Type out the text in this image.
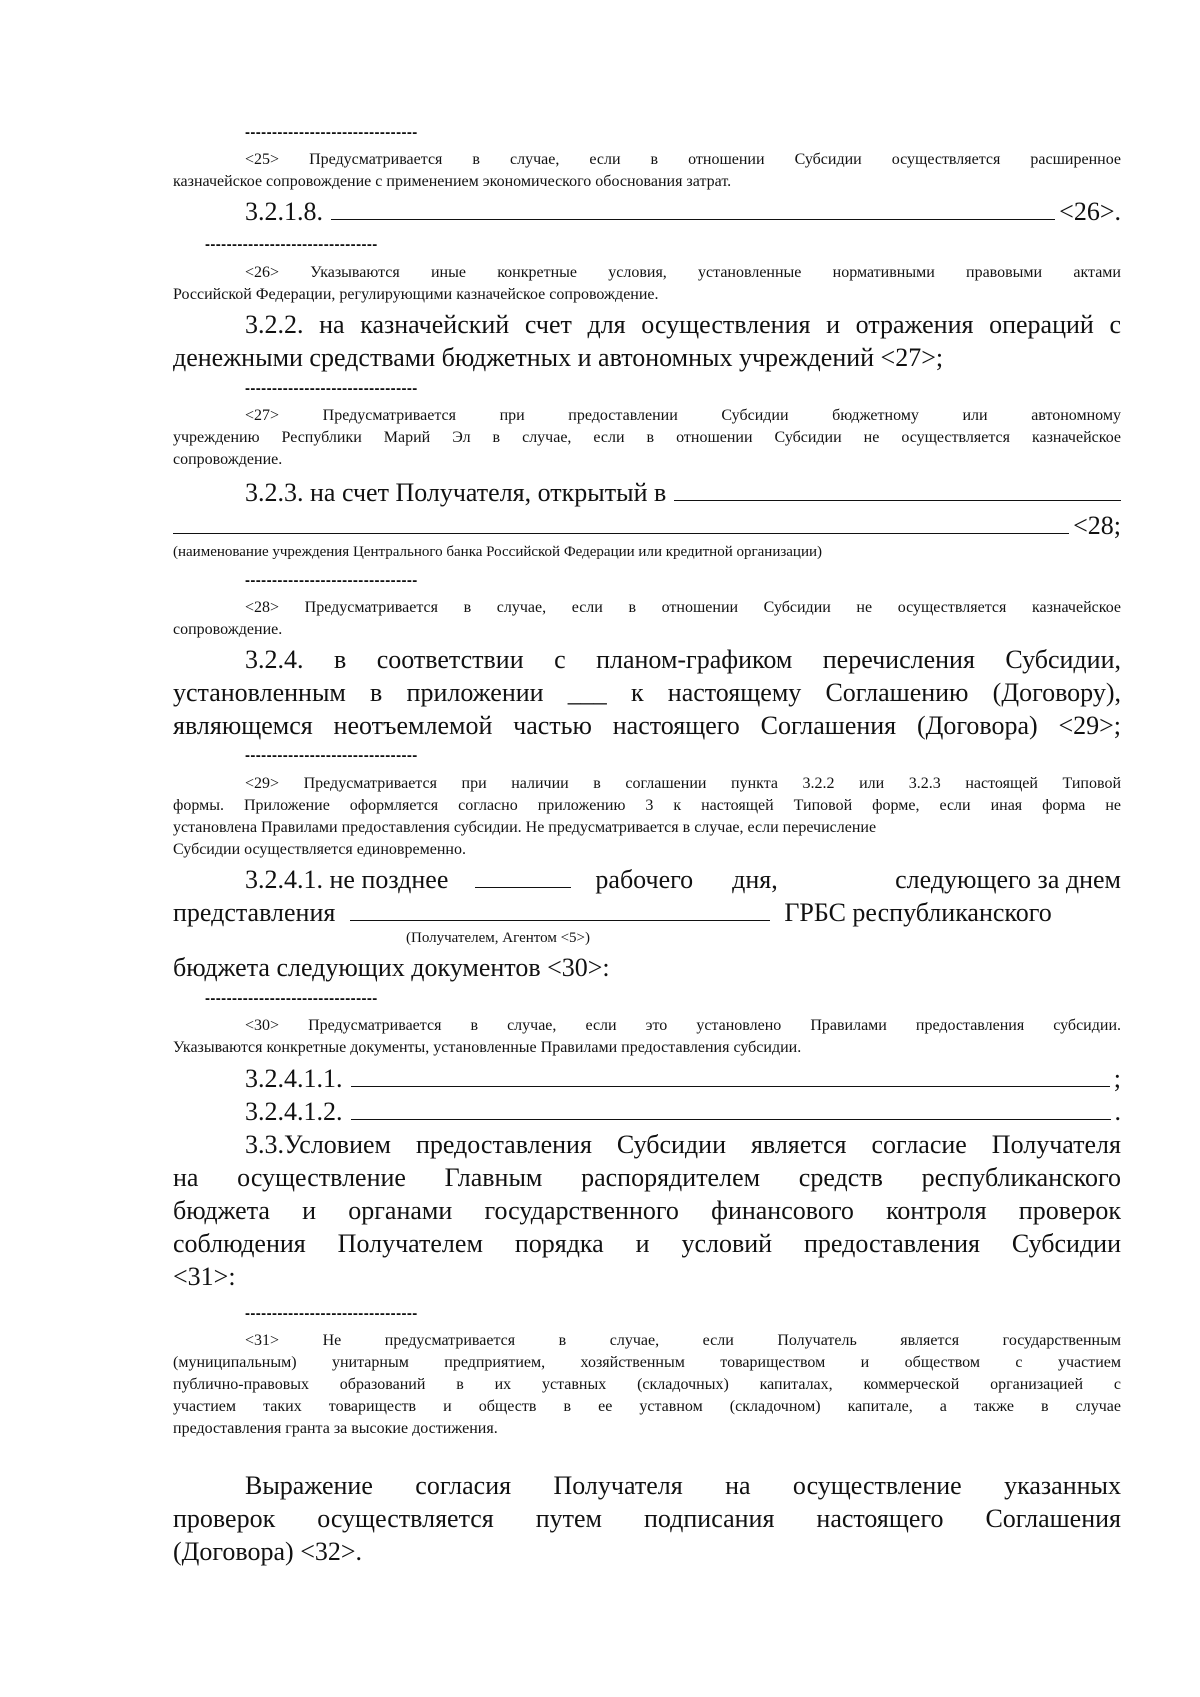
--------------------------------
<25> Предусматривается в случае, если в отношении Субсидии осуществляется расширенное
казначейское сопровождение с применением экономического обоснования затрат.
3.2.1.8.	<26>.
--------------------------------
<26> Указываются иные конкретные условия, установленные нормативными правовыми актами
Российской Федерации, регулирующими казначейское сопровождение.
3.2.2. на казначейский счет для осуществления и отражения операций с
денежными средствами бюджетных и автономных учреждений <27>;
--------------------------------
<27> Предусматривается при предоставлении Субсидии бюджетному или автономному
учреждению Республики Марий Эл в случае, если в отношении Субсидии не осуществляется казначейское
сопровождение.
3.2.3. на счет Получателя, открытый в
<28;
(наименование учреждения Центрального банка Российской Федерации или кредитной организации)
--------------------------------
<28> Предусматривается в случае, если в отношении Субсидии не осуществляется казначейское
сопровождение.
3.2.4. в соответствии с планом-графиком перечисления Субсидии,
установленным в приложении ___ к настоящему Соглашению (Договору),
являющемся неотъемлемой частью настоящего Соглашения (Договора) <29>;
--------------------------------
<29> Предусматривается при наличии в соглашении пункта 3.2.2 или 3.2.3 настоящей Типовой
формы. Приложение оформляется согласно приложению 3 к настоящей Типовой форме, если иная форма не
установлена Правилами предоставления субсидии. Не предусматривается в случае, если перечисление
Субсидии осуществляется единовременно.
3.2.4.1. не позднее	рабочего дня,	следующего за днем
представления	ГРБС республиканского
(Получателем, Агентом <5>)
бюджета следующих документов <30>:
--------------------------------
<30> Предусматривается в случае, если это установлено Правилами предоставления субсидии.
Указываются конкретные документы, установленные Правилами предоставления субсидии.
3.2.4.1.1.	;
3.2.4.1.2.	.
3.3.Условием предоставления Субсидии является согласие Получателя
на осуществление Главным распорядителем средств республиканского
бюджета и органами государственного финансового контроля проверок
соблюдения Получателем порядка и условий предоставления Субсидии
<31>:
--------------------------------
<31> Не предусматривается в случае, если Получатель является государственным
(муниципальным) унитарным предприятием, хозяйственным товариществом и обществом с участием
публично-правовых образований в их уставных (складочных) капиталах, коммерческой организацией с
участием таких товариществ и обществ в ее уставном (складочном) капитале, а также в случае
предоставления гранта за высокие достижения.
Выражение согласия Получателя на осуществление указанных
проверок осуществляется путем подписания настоящего Соглашения
(Договора) <32>.
